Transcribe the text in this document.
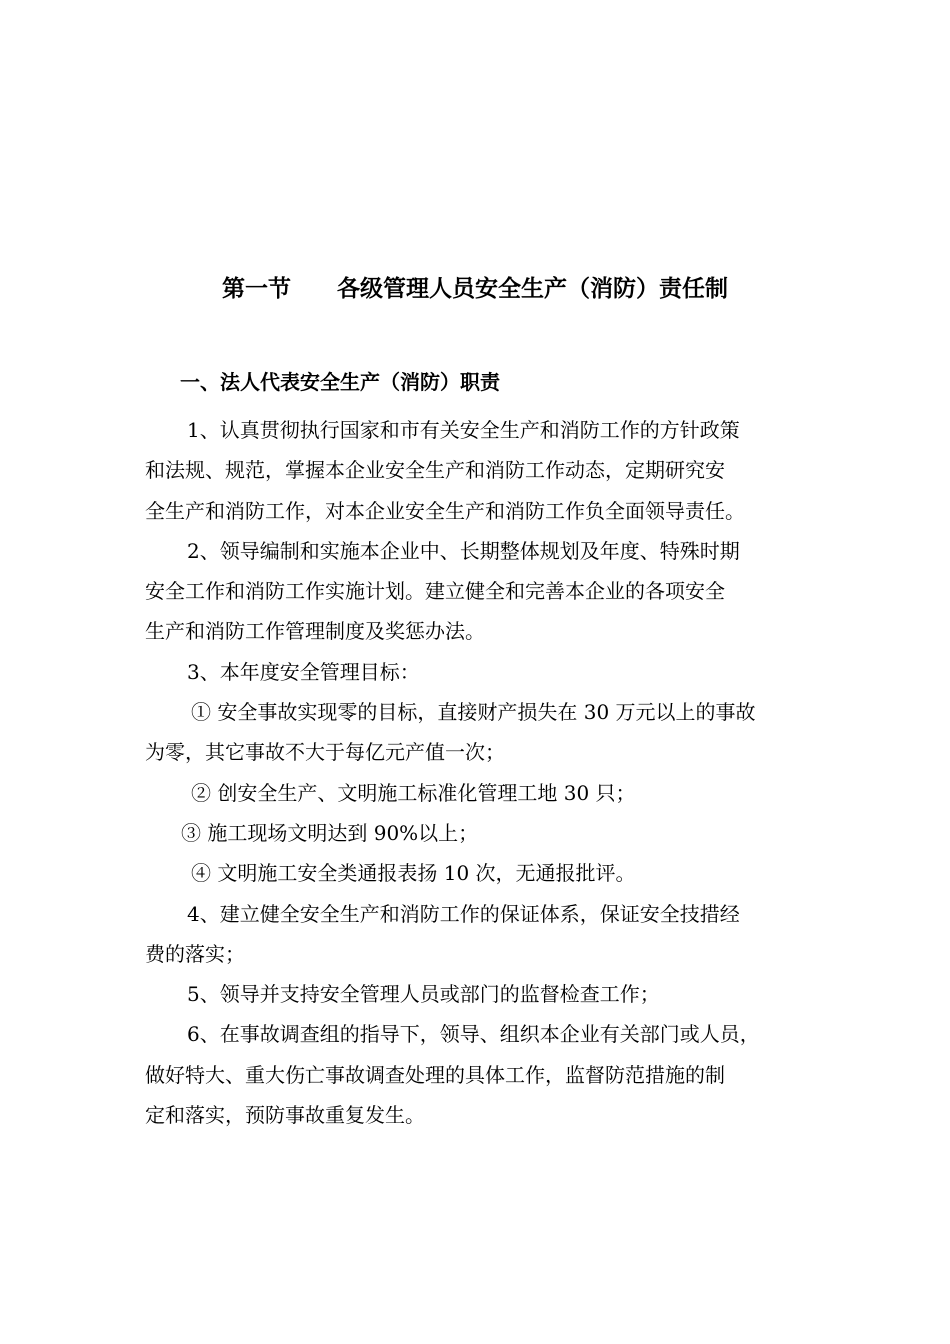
第一节　　各级管理人员安全生产（消防）责任制
一、法人代表安全生产（消防）职责
1、认真贯彻执行国家和市有关安全生产和消防工作的方针政策
和法规、规范，掌握本企业安全生产和消防工作动态，定期研究安
全生产和消防工作，对本企业安全生产和消防工作负全面领导责任。
2、领导编制和实施本企业中、长期整体规划及年度、特殊时期
安全工作和消防工作实施计划。建立健全和完善本企业的各项安全
生产和消防工作管理制度及奖惩办法。
3、本年度安全管理目标：
① 安全事故实现零的目标，直接财产损失在 30 万元以上的事故
为零，其它事故不大于每亿元产值一次；
② 创安全生产、文明施工标准化管理工地 30 只；
③ 施工现场文明达到 90%以上；
④ 文明施工安全类通报表扬 10 次，无通报批评。
4、建立健全安全生产和消防工作的保证体系，保证安全技措经
费的落实；
5、领导并支持安全管理人员或部门的监督检查工作；
6、在事故调查组的指导下，领导、组织本企业有关部门或人员，
做好特大、重大伤亡事故调查处理的具体工作，监督防范措施的制
定和落实，预防事故重复发生。
